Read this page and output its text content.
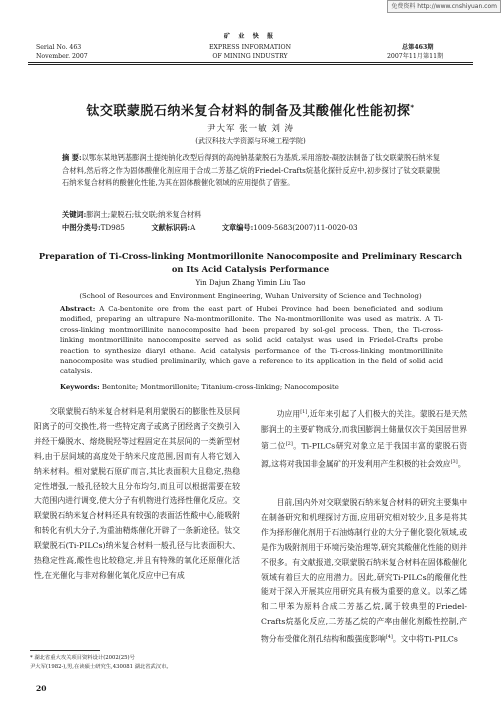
免费资料 http://www.cnshiyuan.com
Serial No. 463
November. 2007
矿 业 快 报
EXPRESS INFORMATION
OF MINING INDUSTRY
总第463期
2007年11月第11期
钛交联蒙脱石纳米复合材料的制备及其酸催化性能初探*
尹大军 张一敏 刘 涛
(武汉科技大学资源与环境工程学院)
摘 要:以鄂东某地钙基膨润土提纯钠化改型后得到的高纯钠基蒙脱石为基质,采用溶胶-凝胶法制备了钛交联蒙脱石纳米复合材料,然后将之作为固体酸催化剂应用于合成二芳基乙烷的Friedel-Crafts烷基化探针反应中,初步探讨了钛交联蒙脱石纳米复合材料的酸催化性能,为其在固体酸催化领域的应用提供了借鉴。
关键词:膨润土;蒙脱石;钛交联;纳米复合材料
中图分类号:TD985	文献标识码:A	文章编号:1009-5683(2007)11-0020-03
Preparation of Ti-Cross-linking Montmorillonite Nanocomposite and Preliminary Rescarch
on Its Acid Catalysis Performance
Yin Dajun Zhang Yimin Liu Tao
(School of Resources and Environment Engineering, Wuhan University of Science and Technolog)
Abstract: A Ca-bentonite ore from the east part of Hubei Province had been beneficiated and sodium modified, preparing an ultrapure Na-montmorillonite. The Na-montmorillonite was used as matrix. A Ti-cross-linking montmorillinite nanocomposite had been prepared by sol-gel process. Then, the Ti-cross-linking montmorillinite nanocomposite served as solid acid catalyst was used in Friedel-Crafts probe reaction to synthesize diaryl ethane. Acid catalysis performance of the Ti-cross-linking montmorillinite nanocomposite was studied preliminarily, which gave a reference to its application in the field of solid acid catalysis.
Keywords: Bentonite; Montmorillonite; Titanium-cross-linking; Nanocomposite
交联蒙脱石纳米复合材料是利用蒙脱石的膨胀性及层间阳离子的可交换性,将一些特定离子或离子团经离子交换引入并经干燥脱水、熔烧脱羟等过程固定在其层间的一类新型材料,由于层间域的高度处于纳米尺度范围,因而有人将它划入纳米材料。相对蒙脱石原矿而言,其比表面积大且稳定,热稳定性增强,一般孔径较大且分布均匀,而且可以根据需要在较大范围内进行调变,使大分子有机物进行选择性催化反应。交联蒙脱石纳米复合材料还具有较强的表面活性酸中心,能吸附和转化有机大分子,为重油精炼催化开辟了一条新途径。钛交联蒙脱石(Ti-PILCs)纳米复合材料一般孔径与比表面积大、热稳定性高,酸性也比较稳定,并且有特殊的氧化还原催化活性,在光催化与非对称催化氧化反应中已有成
功应用[1],近年来引起了人们极大的关注。蒙脱石是天然膨润土的主要矿物成分,而我国膨润土储量仅次于美国居世界第二位[2]。Ti-PILCs研究对象立足于我国丰富的蒙脱石资源,这将对我国非金属矿的开发利用产生积极的社会效应[3]。
目前,国内外对交联蒙脱石纳米复合材料的研究主要集中在制备研究和机理探讨方面,应用研究相对较少,且多是将其作为择形催化剂用于石油炼制行业的大分子催化裂化领域,或是作为吸附剂用于环境污染治理等,研究其酸催化性能的则并不很多。有文献报道,交联蒙脱石纳米复合材料在固体酸催化领域有着巨大的应用潜力。因此,研究Ti-PILCs的酸催化性能对于深入开展其应用研究具有极为重要的意义。以苯乙烯和二甲苯为原料合成二芳基乙烷,属于较典型的Friedel-Crafts烷基化反应,二芳基乙烷的产率由催化剂酸性控制,产物分布受催化剂孔结构和酸强度影响[4]。文中将Ti-PILCs
* 湖北省重大攻关项目资料设计(2002(25)号
尹大军(1982-),男,在读硕士研究生,430081 湖北省武汉市。
20
